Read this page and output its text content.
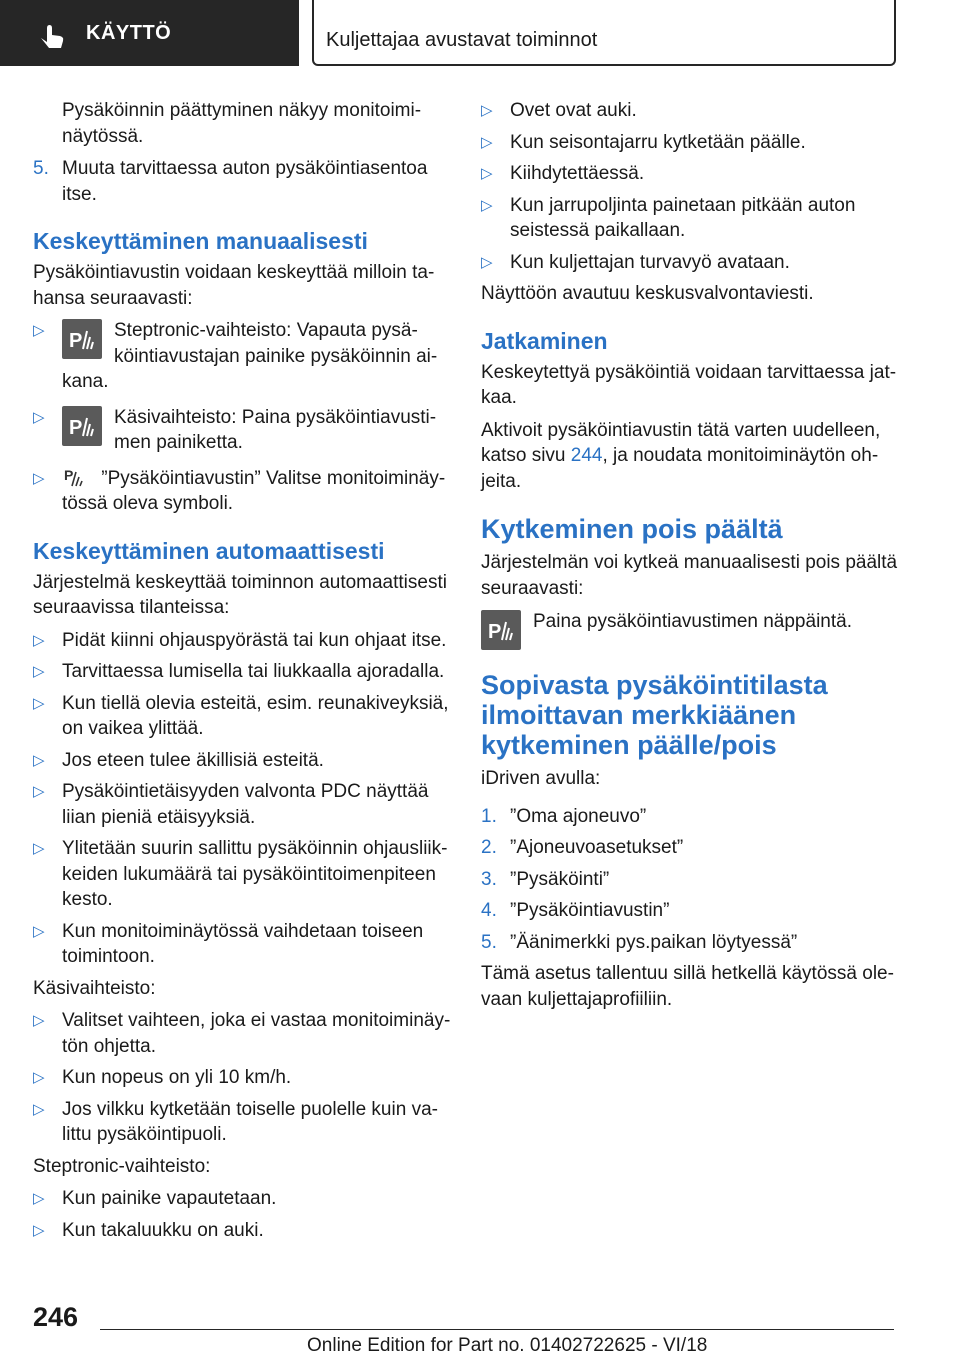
KÄYTTÖ	Kuljettajaa avustavat toiminnot
Pysäköinnin päättyminen näkyy monitoiminäytössä.
5. Muuta tarvittaessa auton pysäköintiasentoa itse.
Keskeyttäminen manuaalisesti
Pysäköintiavustin voidaan keskeyttää milloin tahansa seuraavasti:
▷ P Steptronic-vaihteisto: Vapauta pysäköintiavustajan painike pysäköinnin aikana.
▷ P Käsivaihteisto: Paina pysäköintiavustimen painiketta.
▷ P ”Pysäköintiavustin” Valitse monitoiminäytössä oleva symboli.
Keskeyttäminen automaattisesti
Järjestelmä keskeyttää toiminnon automaattisesti seuraavissa tilanteissa:
▷ Pidät kiinni ohjauspyörästä tai kun ohjaat itse.
▷ Tarvittaessa lumisella tai liukkaalla ajoradalla.
▷ Kun tiellä olevia esteitä, esim. reunakiveyksiä, on vaikea ylittää.
▷ Jos eteen tulee äkillisiä esteitä.
▷ Pysäköintietäisyyden valvonta PDC näyttää liian pieniä etäisyyksiä.
▷ Ylitetään suurin sallittu pysäköinnin ohjausliikkeiden lukumäärä tai pysäköintitoimenpiteen kesto.
▷ Kun monitoiminäytössä vaihdetaan toiseen toimintoon.
Käsivaihteisto:
▷ Valitset vaihteen, joka ei vastaa monitoiminäytön ohjetta.
▷ Kun nopeus on yli 10 km/h.
▷ Jos vilkku kytketään toiselle puolelle kuin valittu pysäköintipuoli.
Steptronic-vaihteisto:
▷ Kun painike vapautetaan.
▷ Kun takaluukku on auki.
▷ Ovet ovat auki.
▷ Kun seisontajarru kytketään päälle.
▷ Kiihdytettäessä.
▷ Kun jarrupoljinta painetaan pitkään auton seistessä paikallaan.
▷ Kun kuljettajan turvavyö avataan.
Näyttöön avautuu keskusvalvontaviesti.
Jatkaminen
Keskeytettyä pysäköintiä voidaan tarvittaessa jatkaa.
Aktivoit pysäköintiavustin tätä varten uudelleen, katso sivu 244, ja noudata monitoiminäytön ohjeita.
Kytkeminen pois päältä
Järjestelmän voi kytkeä manuaalisesti pois päältä seuraavasti:
P Paina pysäköintiavustimen näppäintä.
Sopivasta pysäköintitilasta ilmoittavan merkkiäänen kytkeminen päälle/pois
iDriven avulla:
1. ”Oma ajoneuvo”
2. ”Ajoneuvoasetukset”
3. ”Pysäköinti”
4. ”Pysäköintiavustin”
5. ”Äänimerkki pys.paikan löytyessä”
Tämä asetus tallentuu sillä hetkellä käytössä olevaan kuljettajaprofiiliin.
246
Online Edition for Part no. 01402722625 - VI/18
